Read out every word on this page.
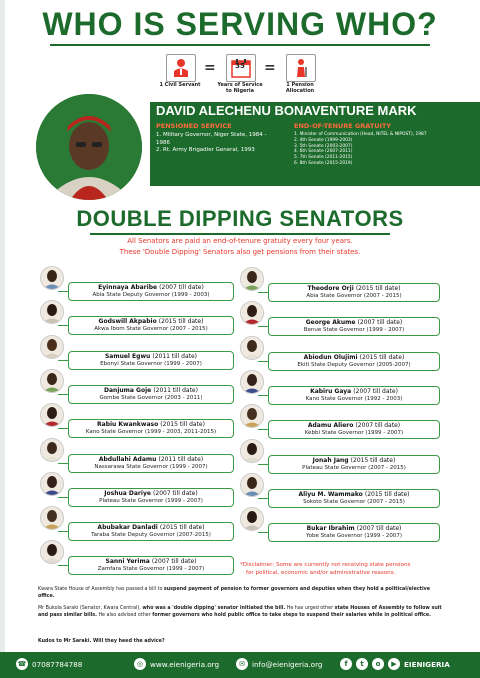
WHO IS SERVING WHO?
1 Civil Servant
=	35
Years of Service to Nigeria
=
1 Pension Allocation
DAVID ALECHENU BONAVENTURE MARK
PENSIONED SERVICE
1. Military Governor, Niger State, 1984 - 1986
2. Rt. Army Brigadier General, 1993
END-OF-TENURE GRATUITY
1. Minister of Communication (Head, NITEL & NIPOST), 1987
2. 4th Senate (1999-2003)
3. 5th Senate (2003-2007)
4. 6th Senate (2007-2011)
5. 7th Senate (2011-2015)
6. 8th Senate (2015-2019)
DOUBLE DIPPING SENATORS
All Senators are paid an end-of-tenure gratuity every four years.
These 'Double Dipping' Senators also get pensions from their states.
Eyinnaya Abaribe (2007 till date)
Abia State Deputy Governor (1999 - 2003)
Godswill Akpabio (2015 till date)
Akwa Ibom State Governor (2007 - 2015)
Samuel Egwu (2011 till date)
Ebonyi State Governor (1999 - 2007)
Danjuma Goje (2011 till date)
Gombe State Governor (2003 - 2011)
Rabiu Kwankwaso (2015 till date)
Kano State Governor (1999 - 2003, 2011-2015)
Abdullahi Adamu (2011 till date)
Nassarawa State Governor (1999 - 2007)
Joshua Dariye (2007 till date)
Plateau State Governor (1999 - 2007)
Abubakar Danladi (2015 till date)
Taraba State Deputy Governor (2007-2015)
Sanni Yerima (2007 till date)
Zamfara State Governor (1999 - 2007)
Theodore Orji (2015 till date)
Abia State Governor (2007 - 2015)
George Akume (2007 till date)
Benue State Governor (1999 - 2007)
Abiodun Olujimi (2015 till date)
Ekiti State Deputy Governor (2005-2007)
Kabiru Gaya (2007 till date)
Kano State Governor (1992 - 2003)
Adamu Aliero (2007 till date)
Kebbi State Governor (1999 - 2007)
Jonah Jang (2015 till date)
Plateau State Governor (2007 - 2015)
Aliyu M. Wammako (2015 till date)
Sokoto State Governor (2007 - 2015)
Bukar Ibrahim (2007 till date)
Yobe State Governor (1999 - 2007)
*Disclaimer: Some are currently not receiving state pensions
for political, economic and/or administrative reasons.
Kwara State House of Assembly has passed a bill to suspend payment of pension to former governors and deputies when they hold a political/elective office.
Mr Bukola Saraki (Senator, Kwara Central), who was a 'double dipping' senator initiated the bill. He has urged other state Houses of Assembly to follow suit and pass similar bills. He also advised other former governors who hold public office to take steps to suspend their salaries while in political office.
Kudos to Mr Saraki. Will they heed the advice?
☎ 07087784788	◎ www.eienigeria.org	✉ info@eienigeria.org	f	t	o	▶	EIENIGERIA
